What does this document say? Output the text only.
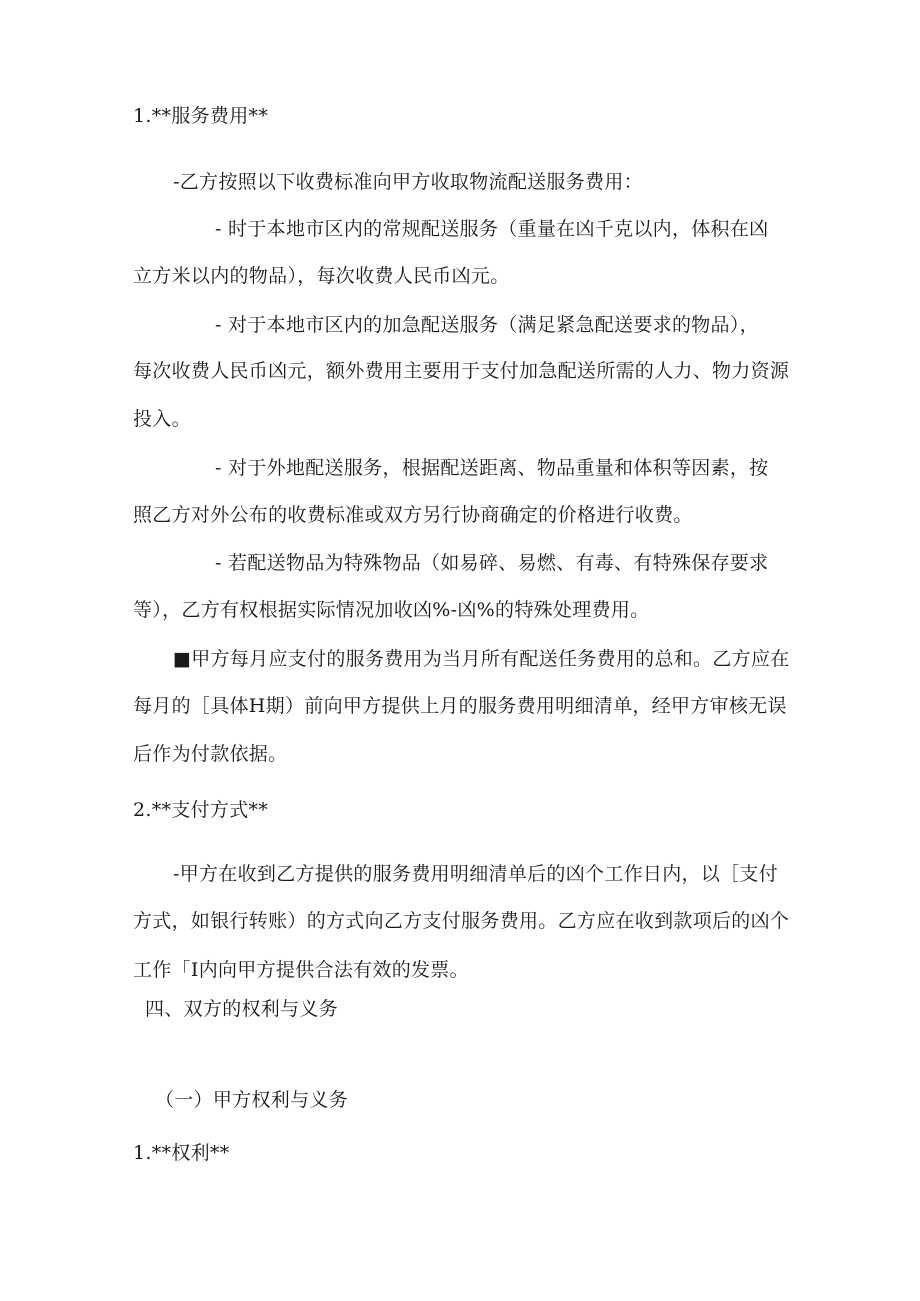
1.**服务费用**
-乙方按照以下收费标准向甲方收取物流配送服务费用：
- 时于本地市区内的常规配送服务（重量在凶千克以内，体积在凶
立方米以内的物品），每次收费人民币凶元。
- 对于本地市区内的加急配送服务（满足紧急配送要求的物品），
每次收费人民币凶元，额外费用主要用于支付加急配送所需的人力、物力资源
投入。
- 对于外地配送服务，根据配送距离、物品重量和体积等因素，按
照乙方对外公布的收费标准或双方另行协商确定的价格进行收费。
- 若配送物品为特殊物品（如易碎、易燃、有毒、有特殊保存要求
等），乙方有权根据实际情况加收凶%-凶%的特殊处理费用。
■甲方每月应支付的服务费用为当月所有配送任务费用的总和。乙方应在
每月的［具体H期）前向甲方提供上月的服务费用明细清单，经甲方审核无误
后作为付款依据。
2.**支付方式**
-甲方在收到乙方提供的服务费用明细清单后的凶个工作日内，以［支付
方式，如银行转账）的方式向乙方支付服务费用。乙方应在收到款项后的凶个
工作「I内向甲方提供合法有效的发票。
四、双方的权利与义务
（一）甲方权利与义务
1.**权利**
